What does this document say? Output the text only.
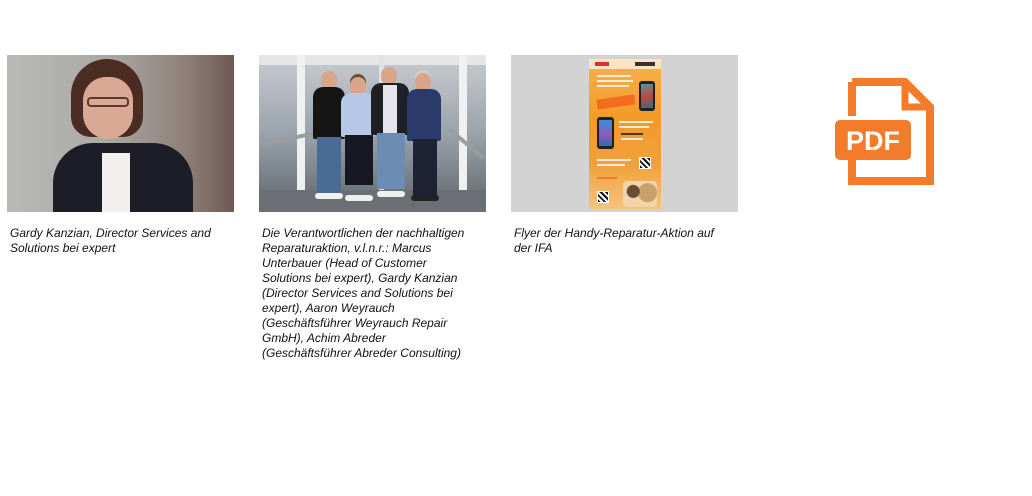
Gardy Kanzian, Director Services and Solutions bei expert
Die Verantwortlichen der nachhaltigen Reparaturaktion, v.l.n.r.: Marcus Unterbauer (Head of Customer Solutions bei expert), Gardy Kanzian (Director Services and Solutions bei expert), Aaron Weyrauch (Geschäftsführer Weyrauch Repair GmbH), Achim Abreder (Geschäftsführer Abreder Consulting)
Flyer der Handy-Reparatur-Aktion auf der IFA
PDF
